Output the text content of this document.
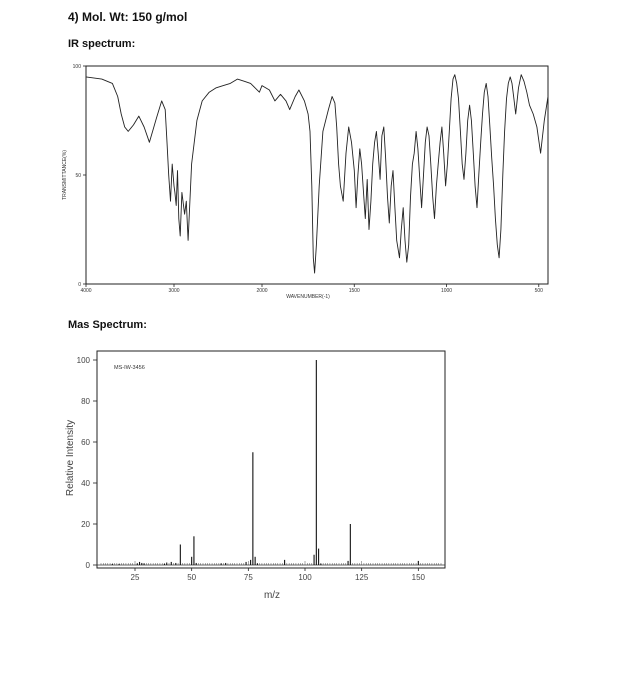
4) Mol. Wt: 150 g/mol
IR spectrum:
Mas Spectrum:
4000	3000	2000	1500	1000	500
0
50
100
WAVENUMBER(-1)
TRANSMITTANCE(%)
MS-IW-3456
25	50	75	100	125	150
0
20
40
60
80
100
m/z
Relative Intensity
